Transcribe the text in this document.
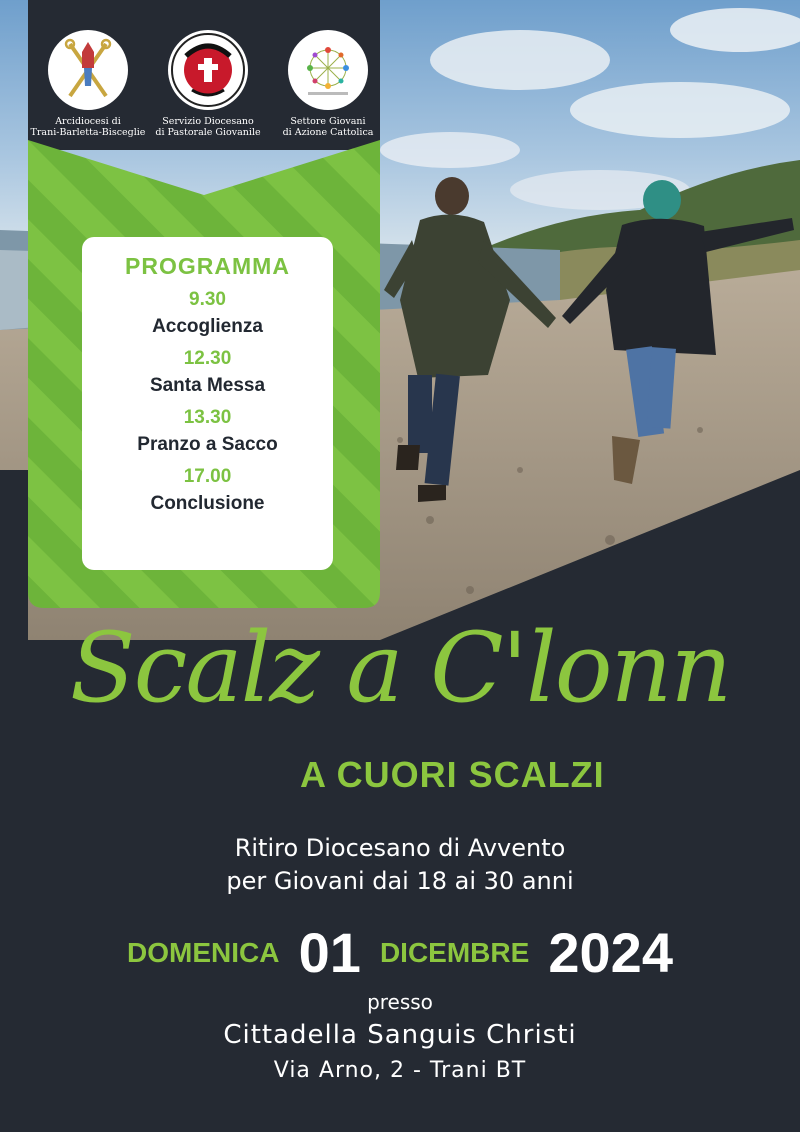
Arcidiocesi di
Trani-Barletta-Bisceglie
Servizio Diocesano
di Pastorale Giovanile
Settore Giovani
di Azione Cattolica
PROGRAMMA
9.30
Accoglienza
12.30
Santa Messa
13.30
Pranzo a Sacco
17.00
Conclusione
Scalz a C'lonn
A CUORI SCALZI
Ritiro Diocesano di Avvento
per Giovani dai 18 ai 30 anni
DOMENICA 01 DICEMBRE 2024
presso
Cittadella Sanguis Christi
Via Arno, 2 - Trani BT
